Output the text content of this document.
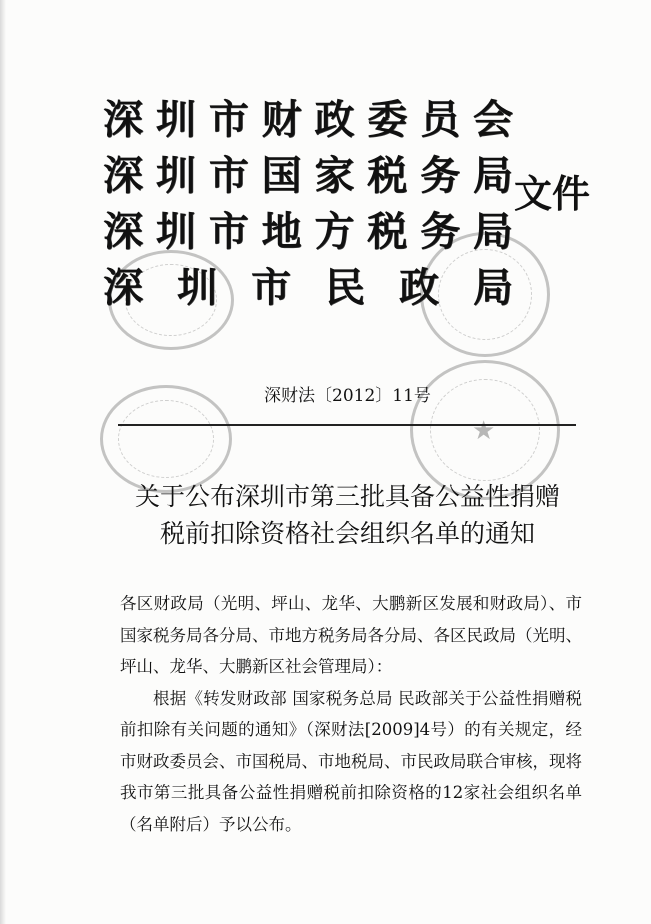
★
深 圳 市 财 政 委 员 会
深 圳 市 国 家 税 务 局
深 圳 市 地 方 税 务 局
深 圳 市 民 政 局
文件
深财法〔2012〕11号
关于公布深圳市第三批具备公益性捐赠
税前扣除资格社会组织名单的通知

各区财政局（光明、坪山、龙华、大鹏新区发展和财政局）、市国家税务局各分局、市地方税务局各分局、各区民政局（光明、坪山、龙华、大鹏新区社会管理局）：

根据《转发财政部 国家税务总局 民政部关于公益性捐赠税前扣除有关问题的通知》（深财法[2009]4号）的有关规定，经市财政委员会、市国税局、市地税局、市民政局联合审核，现将我市第三批具备公益性捐赠税前扣除资格的12家社会组织名单（名单附后）予以公布。
